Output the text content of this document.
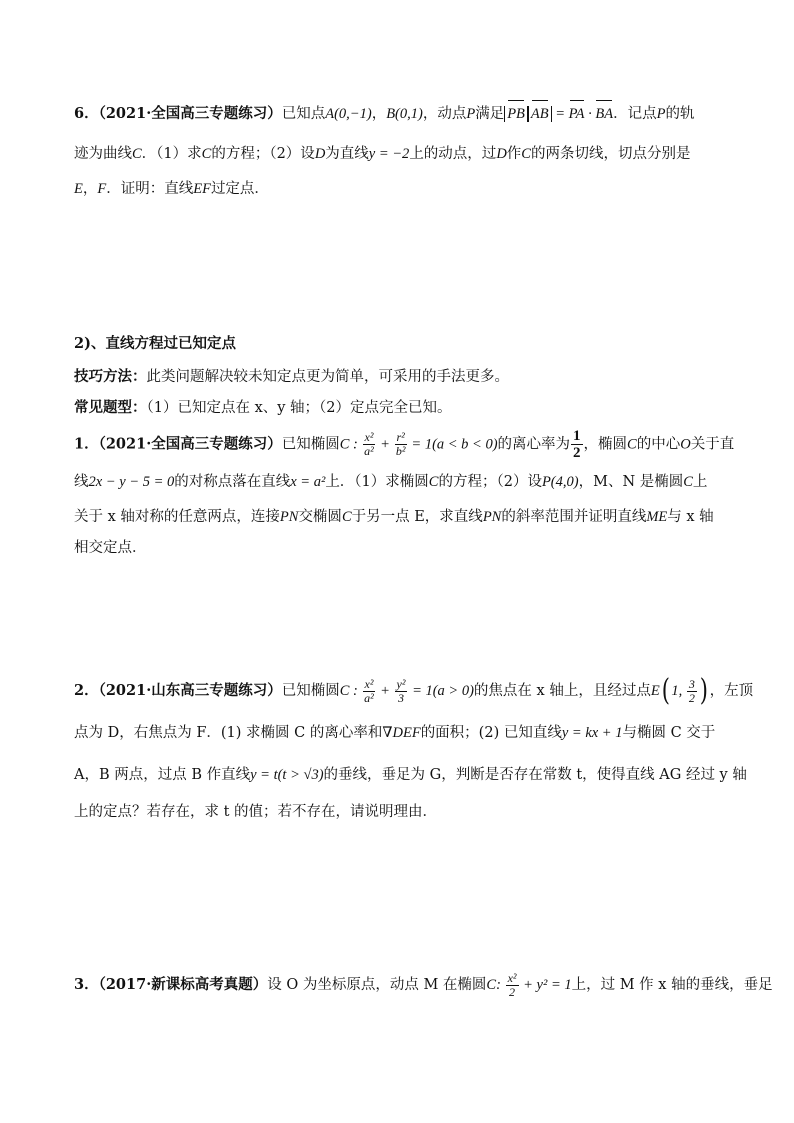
6．（2021·全国高三专题练习）已知点A(0,−1)，B(0,1)，动点P满足 PB AB = PA · BA．记点P的轨
迹为曲线C．（1）求C的方程；（2）设D为直线y = −2上的动点，过D作C的两条切线，切点分别是
E，F．证明：直线EF过定点．
2)、直线方程过已知定点
技巧方法：此类问题解决较未知定点更为简单，可采用的手法更多。
常见题型：（1）已知定点在 x、y 轴；（2）定点完全已知。
1．（2021·全国高三专题练习）已知椭圆C : $\frac{\text{x²}}{\text{a²}} + \frac{\text{r²}}{\text{b²}} = 1(a < b < 0)$的离心率为 $\frac{1}{2}$ ，椭圆C的中心O关于直
线2x − y − 5 = 0的对称点落在直线x = a²上．（1）求椭圆C的方程；（2）设P(4,0)，M、N 是椭圆C上
关于 x 轴对称的任意两点，连接PN交椭圆C于另一点 E，求直线PN的斜率范围并证明直线ME与 x 轴
相交定点．
2．（2021·山东高三专题练习）已知椭圆C : $\frac{\text{x²}}{\text{a²}} + \frac{\text{y²}}{3} = 1(a > 0)$的焦点在 x 轴上，且经过点E( 1, $\frac{3}{2}$ ) ，左顶
点为 D，右焦点为 F．(1) 求椭圆 C 的离心率和∇DEF的面积；(2) 已知直线y = kx + 1与椭圆 C 交于
A，B 两点，过点 B 作直线y = t(t > √3)的垂线，垂足为 G，判断是否存在常数 t，使得直线 AG 经过 y 轴
上的定点？若存在，求 t 的值；若不存在，请说明理由．
3．（2017·新课标高考真题）设 O 为坐标原点，动点 M 在椭圆C: $\frac{\text{x²}}{2} + y^2 = 1$上，过 M 作 x 轴的垂线，垂足
